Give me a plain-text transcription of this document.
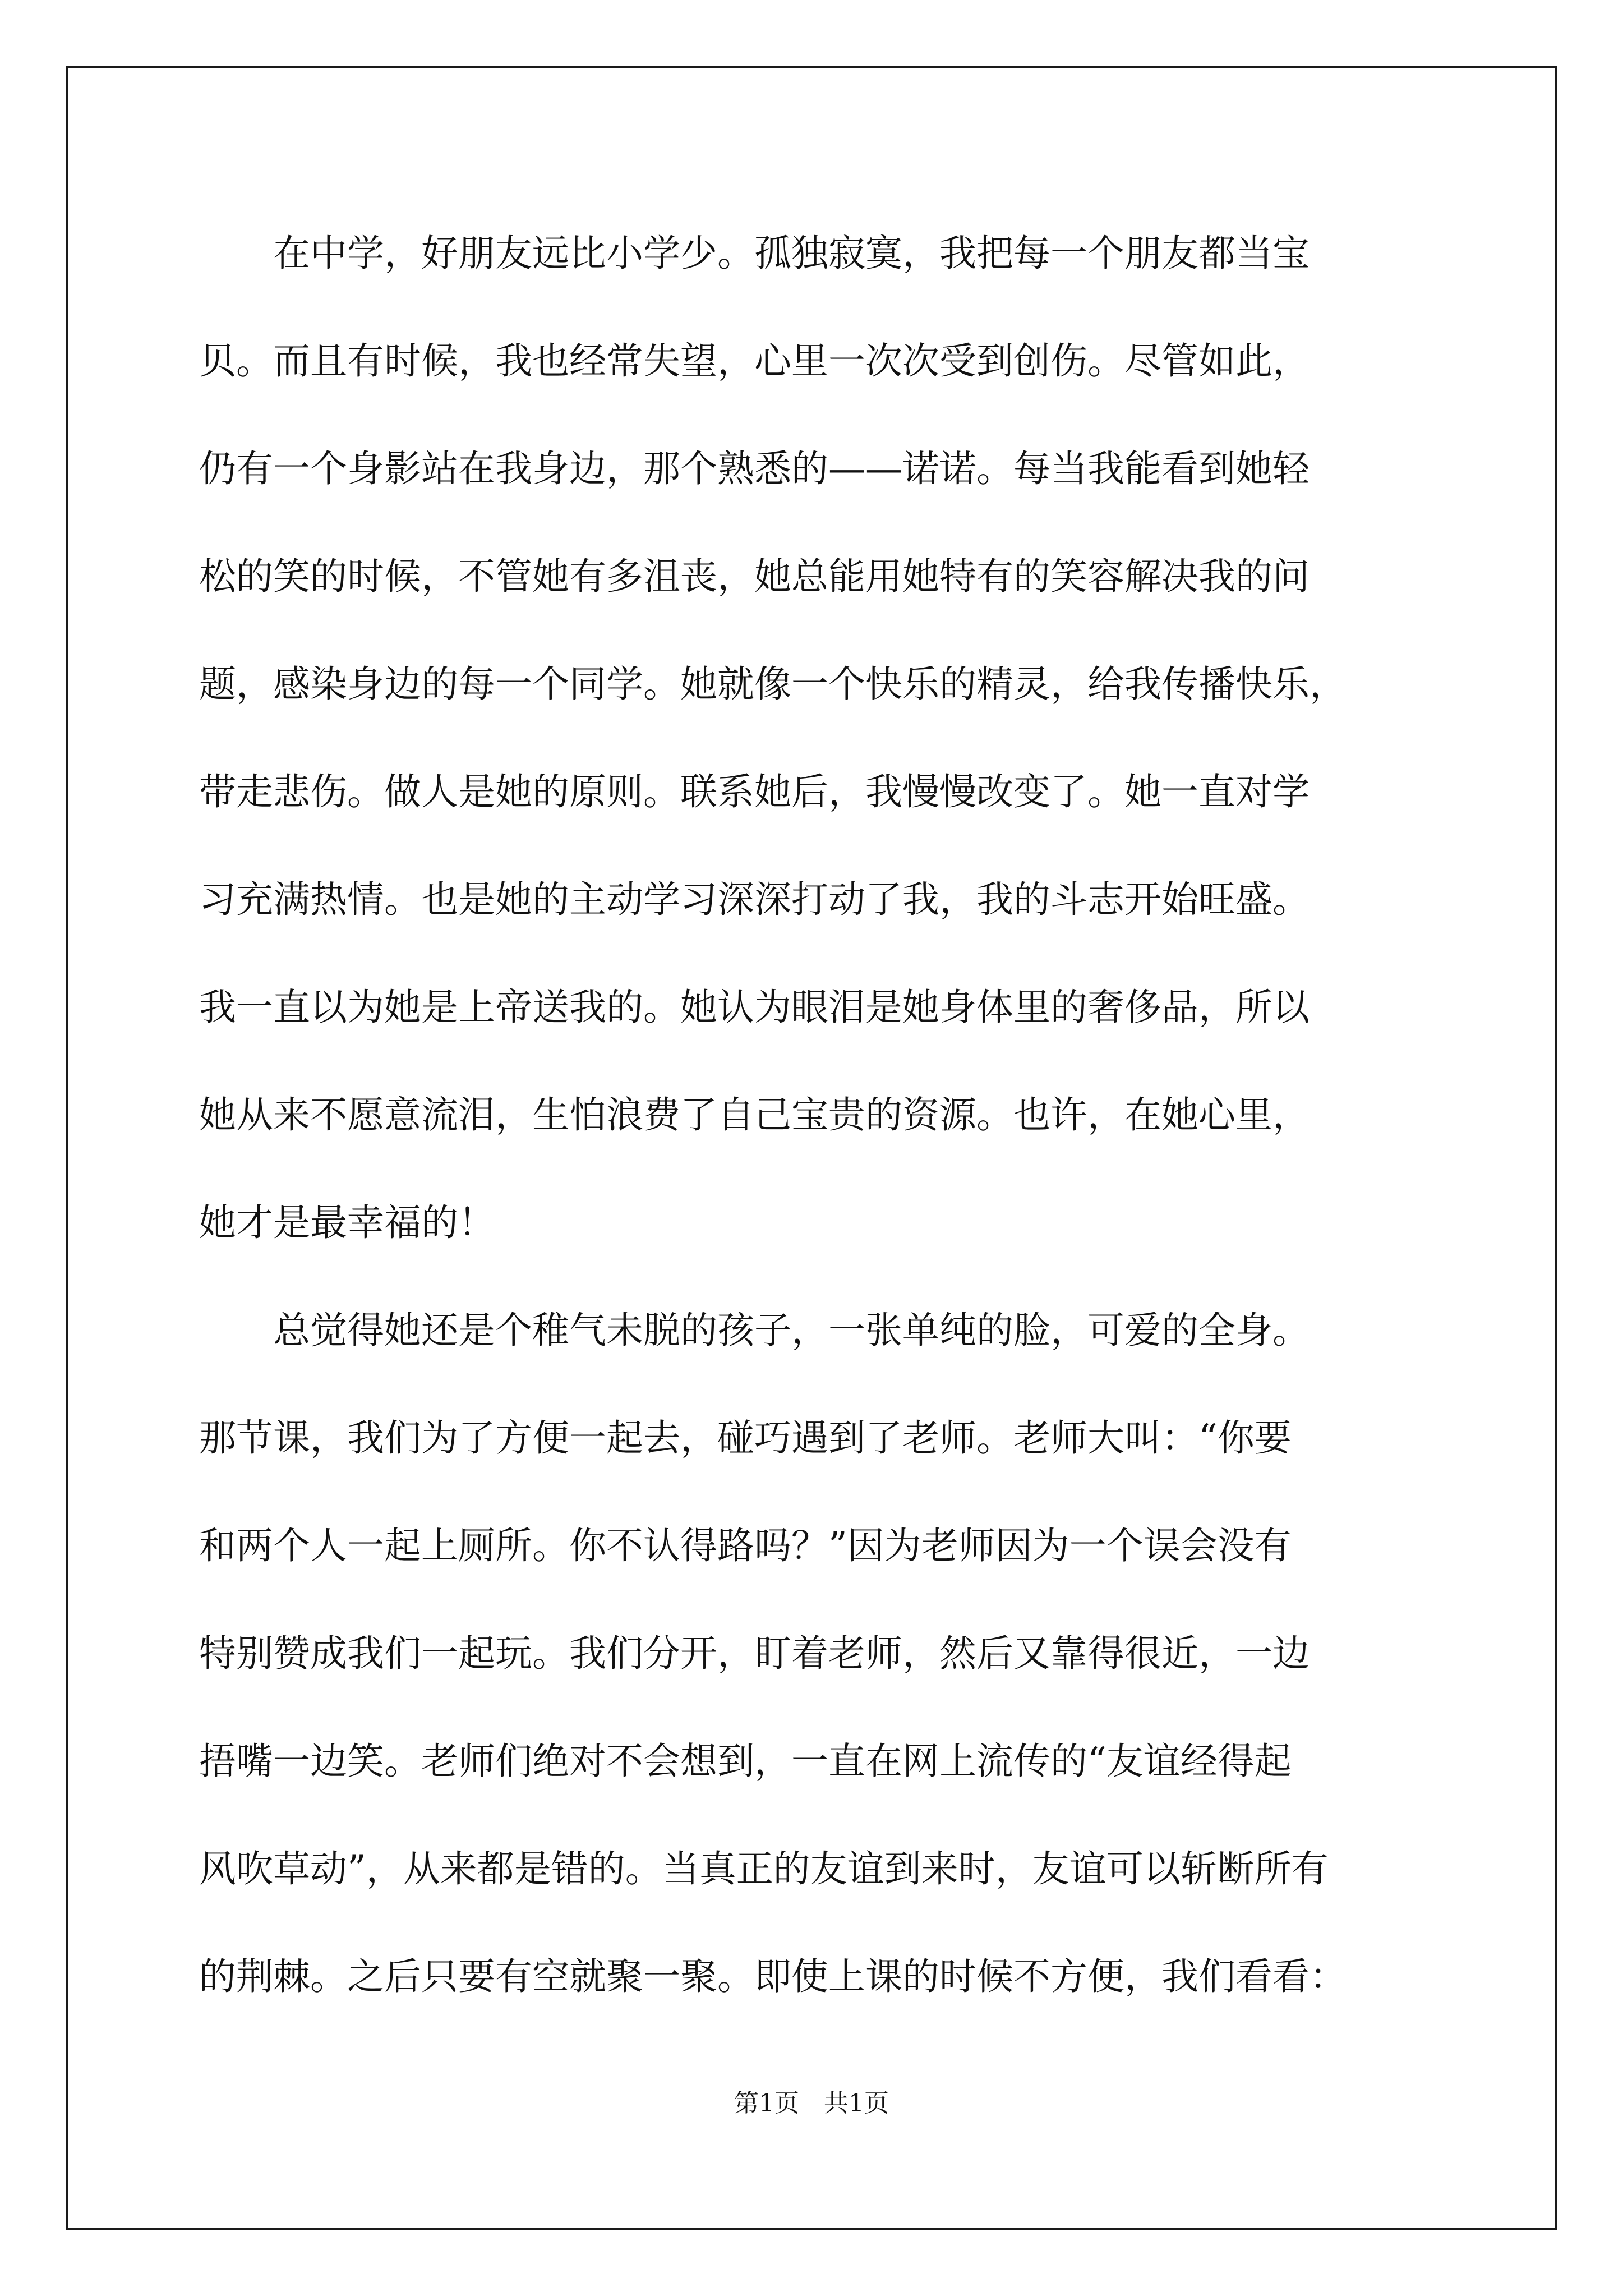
　　在中学，好朋友远比小学少。孤独寂寞，我把每一个朋友都当宝
贝。而且有时候，我也经常失望，心里一次次受到创伤。尽管如此，
仍有一个身影站在我身边，那个熟悉的——诺诺。每当我能看到她轻
松的笑的时候，不管她有多沮丧，她总能用她特有的笑容解决我的问
题，感染身边的每一个同学。她就像一个快乐的精灵，给我传播快乐，
带走悲伤。做人是她的原则。联系她后，我慢慢改变了。她一直对学
习充满热情。也是她的主动学习深深打动了我，我的斗志开始旺盛。
我一直以为她是上帝送我的。她认为眼泪是她身体里的奢侈品，所以
她从来不愿意流泪，生怕浪费了自己宝贵的资源。也许，在她心里，
她才是最幸福的！
　　总觉得她还是个稚气未脱的孩子，一张单纯的脸，可爱的全身。
那节课，我们为了方便一起去，碰巧遇到了老师。老师大叫：“你要
和两个人一起上厕所。你不认得路吗？”因为老师因为一个误会没有
特别赞成我们一起玩。我们分开，盯着老师，然后又靠得很近，一边
捂嘴一边笑。老师们绝对不会想到，一直在网上流传的“友谊经得起
风吹草动”，从来都是错的。当真正的友谊到来时，友谊可以斩断所有
的荆棘。之后只要有空就聚一聚。即使上课的时候不方便，我们看看：
第1页　共1页
